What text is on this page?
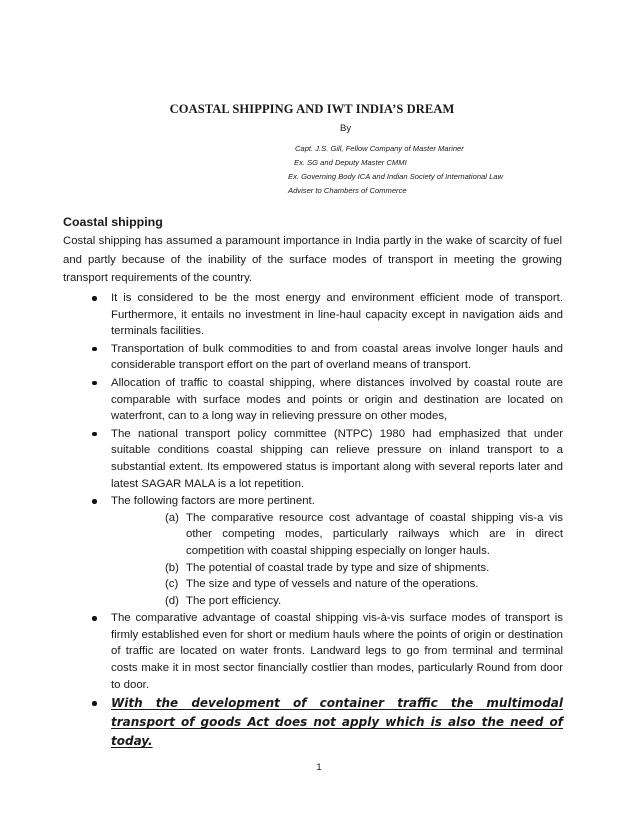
COASTAL SHIPPING AND IWT INDIA’S DREAM
By
Capt. J.S. Gill, Fellow Company of Master Mariner
Ex. SG and Deputy Master CMMI
Ex. Governing Body ICA and Indian Society of International Law
Adviser to Chambers of Commerce
Coastal shipping

Costal shipping has assumed a paramount importance in India partly in the wake of scarcity of fuel and partly because of the inability of the surface modes of transport in meeting the growing transport requirements of the country.

It is considered to be the most energy and environment efficient mode of transport. Furthermore, it entails no investment in line-haul capacity except in navigation aids and terminals facilities.
Transportation of bulk commodities to and from coastal areas involve longer hauls and considerable transport effort on the part of overland means of transport.
Allocation of traffic to coastal shipping, where distances involved by coastal route are comparable with surface modes and points or origin and destination are located on waterfront, can to a long way in relieving pressure on other modes,
The national transport policy committee (NTPC) 1980 had emphasized that under suitable conditions coastal shipping can relieve pressure on inland transport to a substantial extent. Its empowered status is important along with several reports later and latest SAGAR MALA is a lot repetition.
The following factors are more pertinent.
(a) The comparative resource cost advantage of coastal shipping vis-a vis other competing modes, particularly railways which are in direct competition with coastal shipping especially on longer hauls.
(b) The potential of coastal trade by type and size of shipments.
(c) The size and type of vessels and nature of the operations.
(d) The port efficiency.
The comparative advantage of coastal shipping vis-à-vis surface modes of transport is firmly established even for short or medium hauls where the points of origin or destination of traffic are located on water fronts. Landward legs to go from terminal and terminal costs make it in most sector financially costlier than modes, particularly Round from door to door.
With the development of container traffic the multimodal transport of goods Act does not apply which is also the need of today.
1
